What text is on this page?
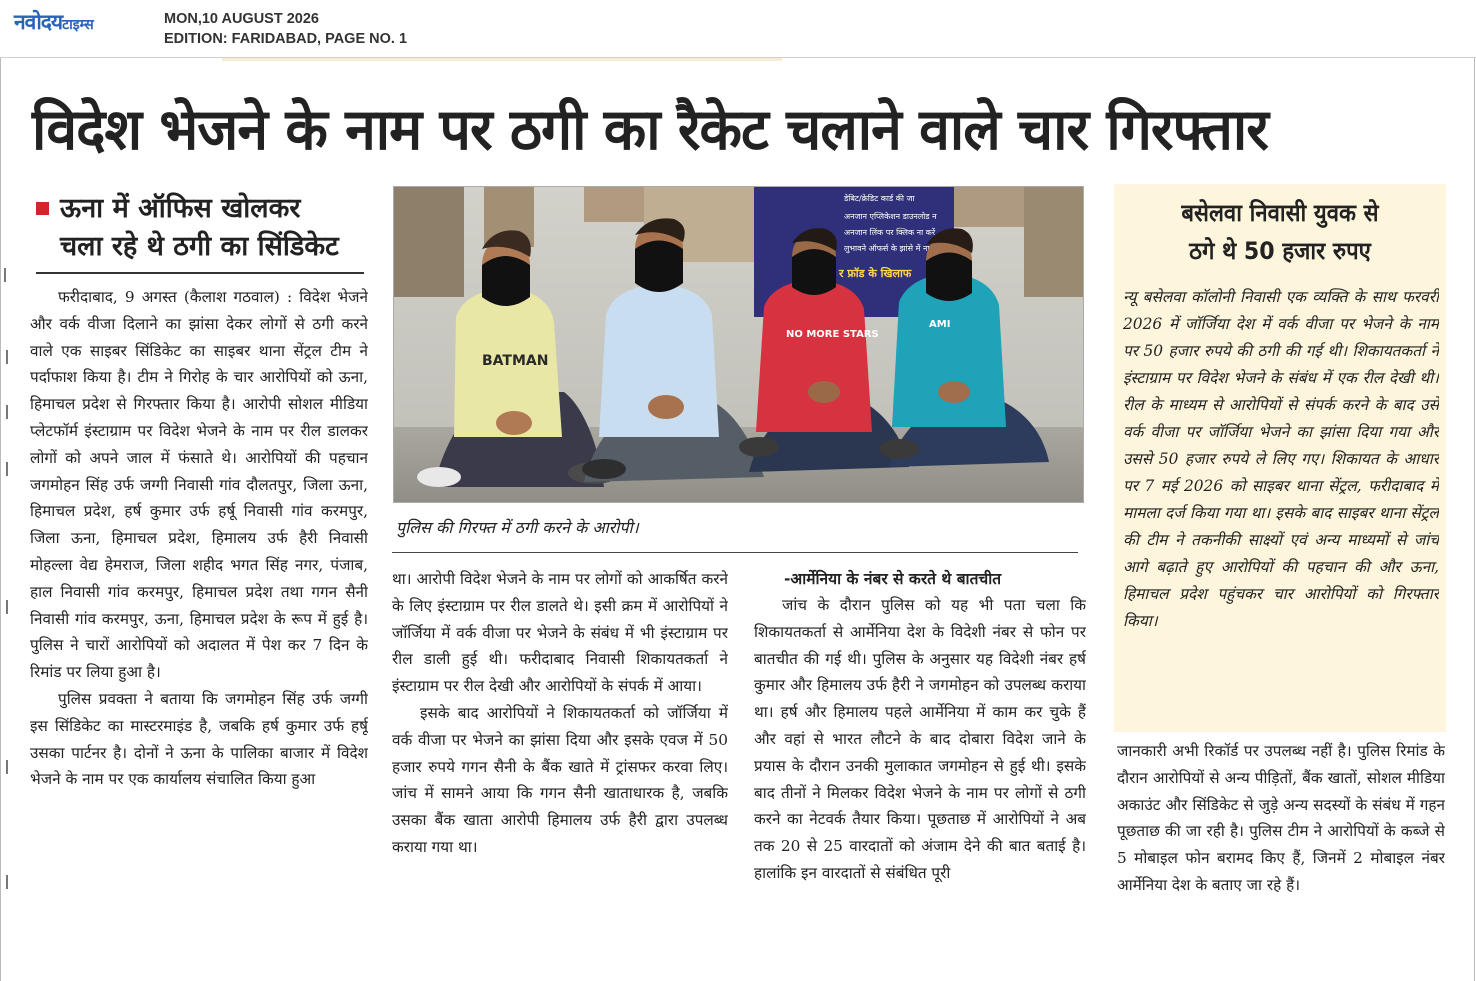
नवोदयटाइम्स	MON,10 AUGUST 2026
EDITION: FARIDABAD, PAGE NO. 1
विदेश भेजने के नाम पर ठगी का रैकेट चलाने वाले चार गिरफ्तार
ऊना में ऑफिस खोलकर
चला रहे थे ठगी का सिंडिकेट

फरीदाबाद, 9 अगस्त (कैलाश गठवाल) : विदेश भेजने और वर्क वीजा दिलाने का झांसा देकर लोगों से ठगी करने वाले एक साइबर सिंडिकेट का साइबर थाना सेंट्रल टीम ने पर्दाफाश किया है। टीम ने गिरोह के चार आरोपियों को ऊना, हिमाचल प्रदेश से गिरफ्तार किया है। आरोपी सोशल मीडिया प्लेटफॉर्म इंस्टाग्राम पर विदेश भेजने के नाम पर रील डालकर लोगों को अपने जाल में फंसाते थे। आरोपियों की पहचान जगमोहन सिंह उर्फ जग्गी निवासी गांव दौलतपुर, जिला ऊना, हिमाचल प्रदेश, हर्ष कुमार उर्फ हर्षू निवासी गांव करमपुर, जिला ऊना, हिमाचल प्रदेश, हिमालय उर्फ हैरी निवासी मोहल्ला वेद्य हेमराज, जिला शहीद भगत सिंह नगर, पंजाब, हाल निवासी गांव करमपुर, हिमाचल प्रदेश तथा गगन सैनी निवासी गांव करमपुर, ऊना, हिमाचल प्रदेश के रूप में हुई है। पुलिस ने चारों आरोपियों को अदालत में पेश कर 7 दिन के रिमांड पर लिया हुआ है।

पुलिस प्रवक्ता ने बताया कि जगमोहन सिंह उर्फ जग्गी इस सिंडिकेट का मास्टरमाइंड है, जबकि हर्ष कुमार उर्फ हर्षू उसका पार्टनर है। दोनों ने ऊना के पालिका बाजार में विदेश भेजने के नाम पर एक कार्यालय संचालित किया हुआ

डेबिट/क्रेडिट कार्ड की जा
अनजान एप्लिकेशन डाउनलोड न
अनजान लिंक पर क्लिक ना करें
लुभावने ऑफर्स के झांसे में ना
र फ्रॉड के खिलाफ
BATMAN
NO MORE STARS
AMI
पुलिस की गिरफ्त में ठगी करने के आरोपी।

था। आरोपी विदेश भेजने के नाम पर लोगों को आकर्षित करने के लिए इंस्टाग्राम पर रील डालते थे। इसी क्रम में आरोपियों ने जॉर्जिया में वर्क वीजा पर भेजने के संबंध में भी इंस्टाग्राम पर रील डाली हुई थी। फरीदाबाद निवासी शिकायतकर्ता ने इंस्टाग्राम पर रील देखी और आरोपियों के संपर्क में आया।

इसके बाद आरोपियों ने शिकायतकर्ता को जॉर्जिया में वर्क वीजा पर भेजने का झांसा दिया और इसके एवज में 50 हजार रुपये गगन सैनी के बैंक खाते में ट्रांसफर करवा लिए। जांच में सामने आया कि गगन सैनी खाताधारक है, जबकि उसका बैंक खाता आरोपी हिमालय उर्फ हैरी द्वारा उपलब्ध कराया गया था।

-आर्मेनिया के नंबर से करते थे बातचीत

जांच के दौरान पुलिस को यह भी पता चला कि शिकायतकर्ता से आर्मेनिया देश के विदेशी नंबर से फोन पर बातचीत की गई थी। पुलिस के अनुसार यह विदेशी नंबर हर्ष कुमार और हिमालय उर्फ हैरी ने जगमोहन को उपलब्ध कराया था। हर्ष और हिमालय पहले आर्मेनिया में काम कर चुके हैं और वहां से भारत लौटने के बाद दोबारा विदेश जाने के प्रयास के दौरान उनकी मुलाकात जगमोहन से हुई थी। इसके बाद तीनों ने मिलकर विदेश भेजने के नाम पर लोगों से ठगी करने का नेटवर्क तैयार किया। पूछताछ में आरोपियों ने अब तक 20 से 25 वारदातों को अंजाम देने की बात बताई है। हालांकि इन वारदातों से संबंधित पूरी

बसेलवा निवासी युवक से
ठगे थे 50 हजार रुपए
न्यू बसेलवा कॉलोनी निवासी एक व्यक्ति के साथ फरवरी 2026 में जॉर्जिया देश में वर्क वीजा पर भेजने के नाम पर 50 हजार रुपये की ठगी की गई थी। शिकायतकर्ता ने इंस्टाग्राम पर विदेश भेजने के संबंध में एक रील देखी थी। रील के माध्यम से आरोपियों से संपर्क करने के बाद उसे वर्क वीजा पर जॉर्जिया भेजने का झांसा दिया गया और उससे 50 हजार रुपये ले लिए गए। शिकायत के आधार पर 7 मई 2026 को साइबर थाना सेंट्रल, फरीदाबाद में मामला दर्ज किया गया था। इसके बाद साइबर थाना सेंट्रल की टीम ने तकनीकी साक्ष्यों एवं अन्य माध्यमों से जांच आगे बढ़ाते हुए आरोपियों की पहचान की और ऊना, हिमाचल प्रदेश पहुंचकर चार आरोपियों को गिरफ्तार किया।

जानकारी अभी रिकॉर्ड पर उपलब्ध नहीं है। पुलिस रिमांड के दौरान आरोपियों से अन्य पीड़ितों, बैंक खातों, सोशल मीडिया अकाउंट और सिंडिकेट से जुड़े अन्य सदस्यों के संबंध में गहन पूछताछ की जा रही है। पुलिस टीम ने आरोपियों के कब्जे से 5 मोबाइल फोन बरामद किए हैं, जिनमें 2 मोबाइल नंबर आर्मेनिया देश के बताए जा रहे हैं।
